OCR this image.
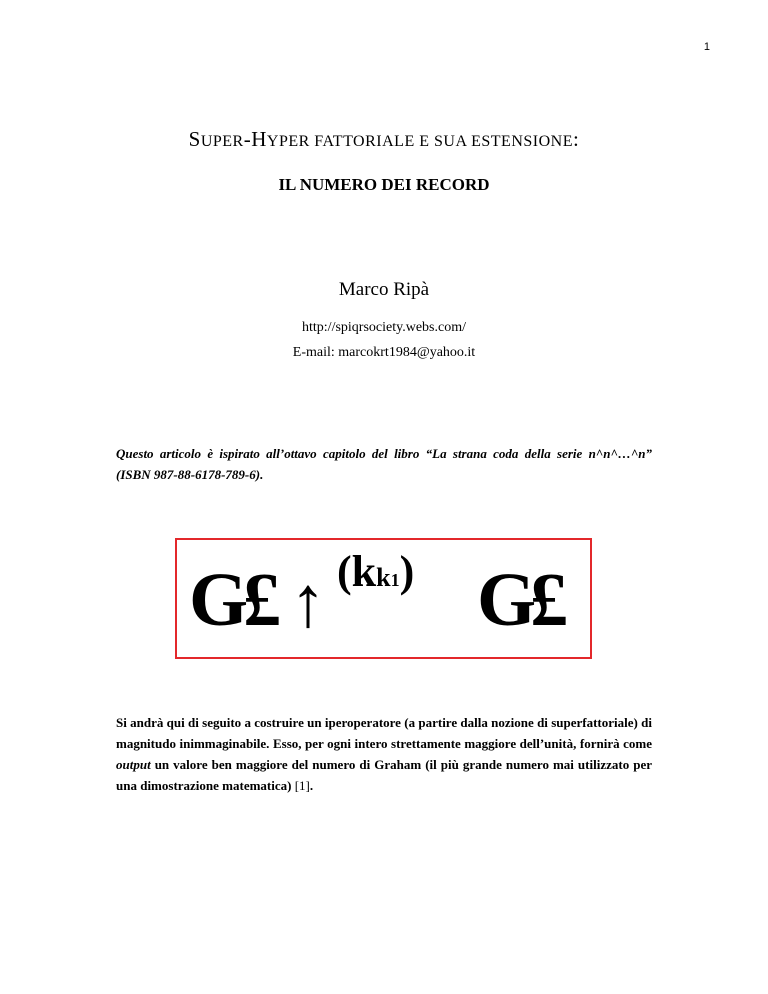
1
SUPER-HYPER FATTORIALE E SUA ESTENSIONE:
IL NUMERO DEI RECORD
Marco Ripà
http://spiqrsociety.webs.com/
E-mail: marcokrt1984@yahoo.it
Questo articolo è ispirato all’ottavo capitolo del libro “La strana coda della serie n^n^…^n”
(ISBN 987-88-6178-789-6).
G
£ ↑ (kk1) G
£
Si andrà qui di seguito a costruire un iperoperatore (a partire dalla nozione di superfattoriale) di magnitudo inimmaginabile. Esso, per ogni intero strettamente maggiore dell’unità, fornirà come output un valore ben maggiore del numero di Graham (il più grande numero mai utilizzato per una dimostrazione matematica) [1].
